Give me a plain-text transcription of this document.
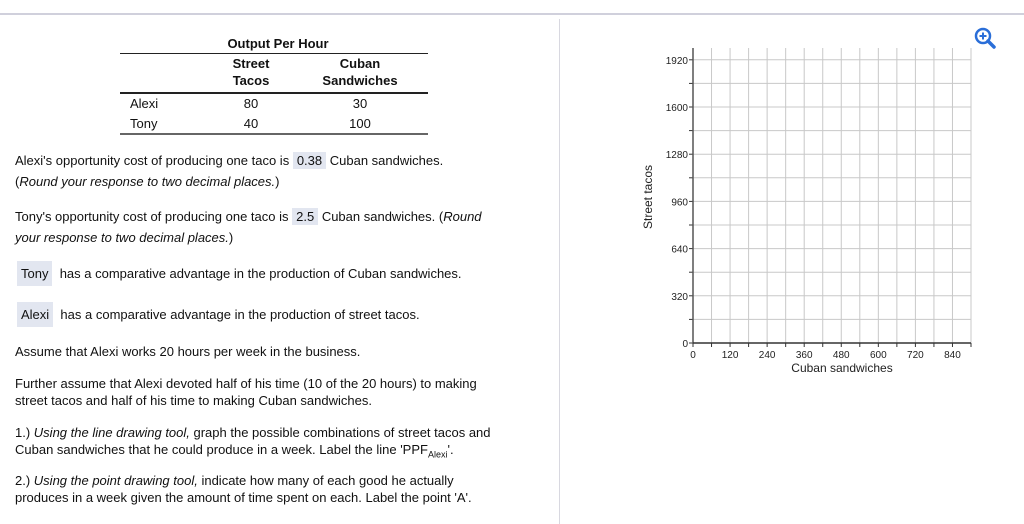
Output Per Hour
Street
Tacos
Cuban
Sandwiches
Alexi	80	30
Tony	40	100
Alexi's opportunity cost of producing one taco is 0.38 Cuban sandwiches.
(Round your response to two decimal places.)
Tony's opportunity cost of producing one taco is 2.5 Cuban sandwiches. (Round
your response to two decimal places.)
Tony has a comparative advantage in the production of Cuban sandwiches.
Alexi has a comparative advantage in the production of street tacos.
Assume that Alexi works 20 hours per week in the business.
Further assume that Alexi devoted half of his time (10 of the 20 hours) to making
street tacos and half of his time to making Cuban sandwiches.
1.) Using the line drawing tool, graph the possible combinations of street tacos and
Cuban sandwiches that he could produce in a week. Label the line '$PPF_{Alexi}$'.
2.) Using the point drawing tool, indicate how many of each good he actually
produces in a week given the amount of time spent on each. Label the point 'A'.
0	120 240 360 480 600 720 840
0
320
640
960
1280
1600
1920
Cuban sandwiches
Street tacos
